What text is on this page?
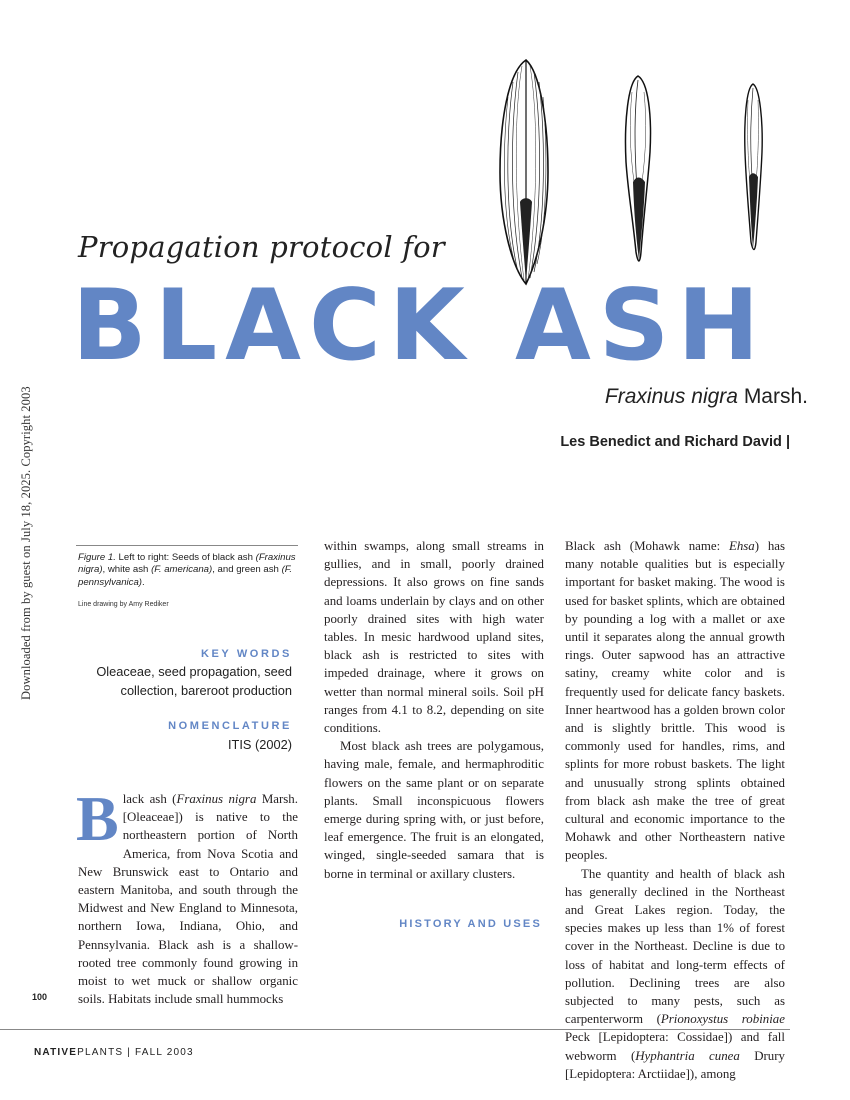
Downloaded from by guest on July 18, 2025. Copyright 2003
Propagation protocol for
BLACK ASH
Fraxinus nigra Marsh.
Les Benedict and Richard David |
Figure 1. Left to right: Seeds of black ash (Fraxinus nigra), white ash (F. americana), and green ash (F. pennsylvanica).
Line drawing by Amy Rediker
KEY WORDS
Oleaceae, seed propagation, seed collection, bareroot production
NOMENCLATURE
ITIS (2002)

Black ash (Fraxinus nigra Marsh. [Oleaceae]) is native to the northeastern portion of North America, from Nova Scotia and New Brunswick east to Ontario and eastern Manitoba, and south through the Midwest and New England to Minnesota, northern Iowa, Indiana, Ohio, and Pennsylvania. Black ash is a shallow-rooted tree commonly found growing in moist to wet muck or shallow organic soils. Habitats include small hummocks

within swamps, along small streams in gullies, and in small, poorly drained depressions. It also grows on fine sands and loams underlain by clays and on other poorly drained sites with high water tables. In mesic hardwood upland sites, black ash is restricted to sites with impeded drainage, where it grows on wetter than normal mineral soils. Soil pH ranges from 4.1 to 8.2, depending on site conditions.

Most black ash trees are polygamous, having male, female, and hermaphroditic flowers on the same plant or on separate plants. Small inconspicuous flowers emerge during spring with, or just before, leaf emergence. The fruit is an elongated, winged, single-seeded samara that is borne in terminal or axillary clusters.

Black ash (Mohawk name: Ehsa) has many notable qualities but is especially important for basket making. The wood is used for basket splints, which are obtained by pounding a log with a mallet or axe until it separates along the annual growth rings. Outer sapwood has an attractive satiny, creamy white color and is frequently used for delicate fancy baskets. Inner heartwood has a golden brown color and is slightly brittle. This wood is commonly used for handles, rims, and splints for more robust baskets. The light and unusually strong splints obtained from black ash make the tree of great cultural and economic importance to the Mohawk and other Northeastern native peoples.

The quantity and health of black ash has generally declined in the Northeast and Great Lakes region. Today, the species makes up less than 1% of forest cover in the Northeast. Decline is due to loss of habitat and long-term effects of pollution. Declining trees are also subjected to many pests, such as carpenterworm (Prionoxystus robiniae Peck [Lepidoptera: Cossidae]) and fall webworm (Hyphantria cunea Drury [Lepidoptera: Arctiidae]), among

HISTORY AND USES
100
NATIVEPLANTS | FALL 2003
